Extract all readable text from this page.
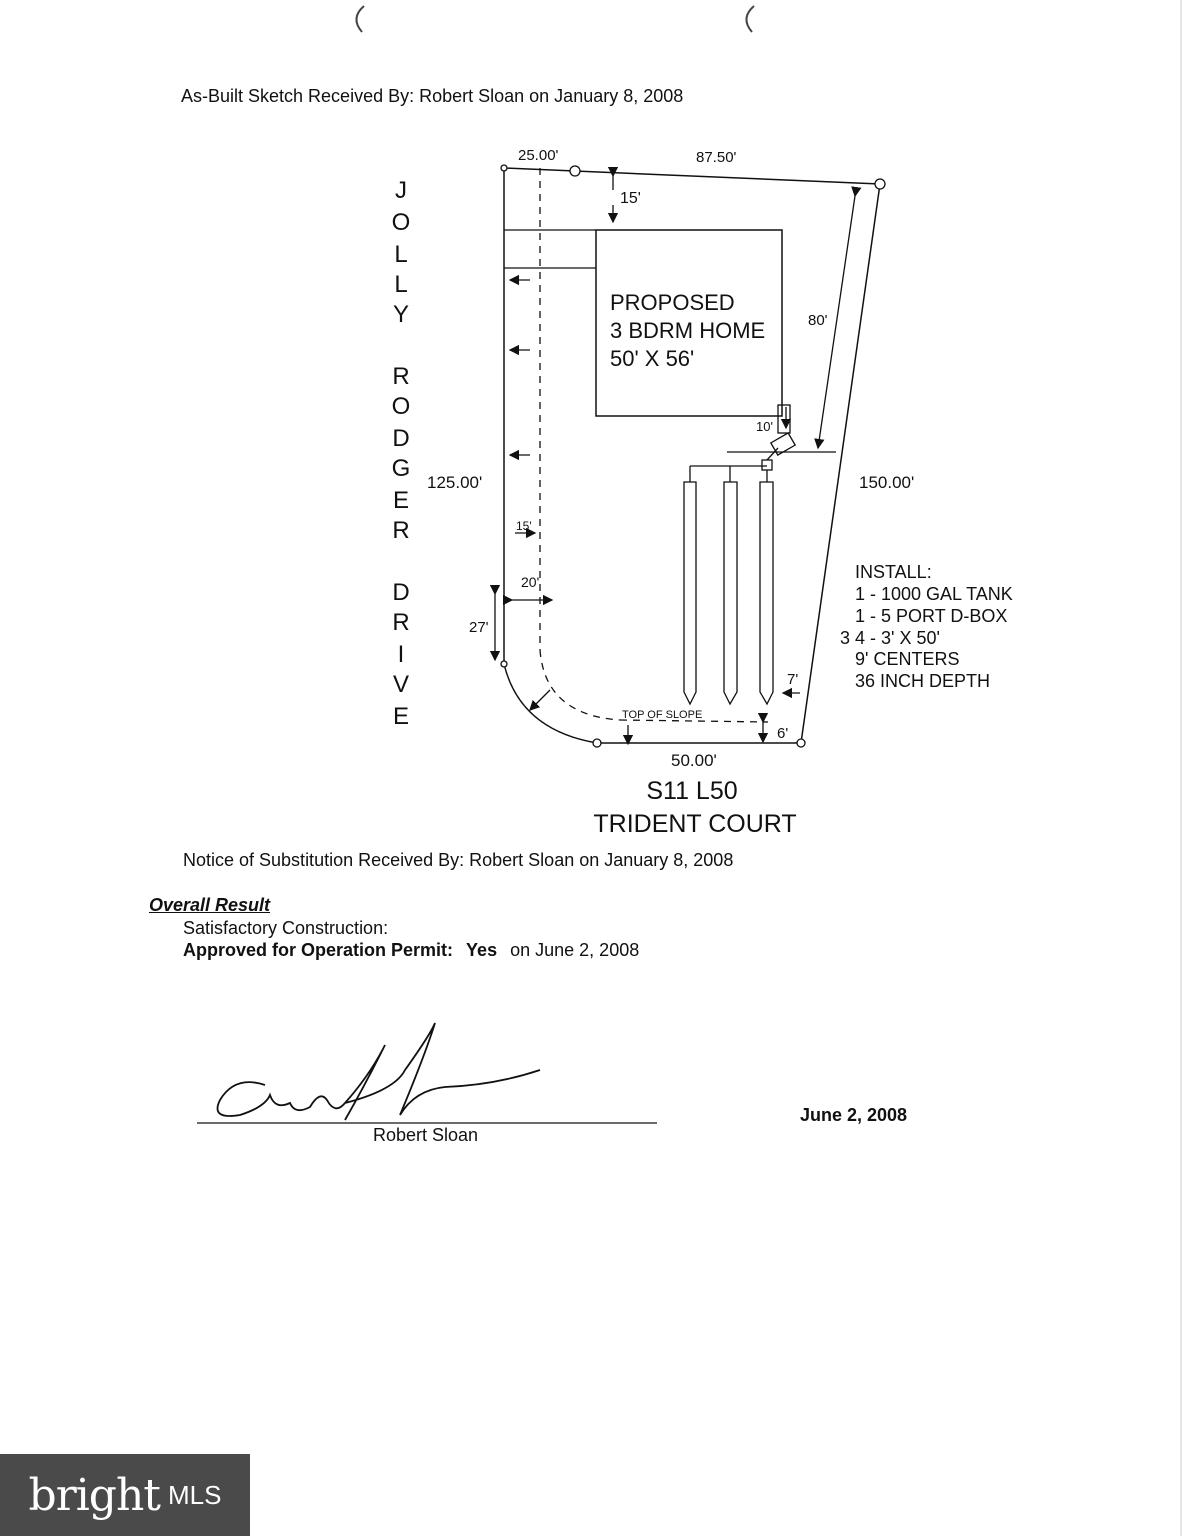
As-Built Sketch Received By: Robert Sloan on January 8, 2008
J
O
L
L
Y
R
O
D
G
E
R
D
R
I
V
E
25.00'	87.50'
15'
80'
10'
125.00'	150.00'
15'
20'
27'
7'
6'
50.00'
TOP OF SLOPE
PROPOSED
3 BDRM HOME
50' X 56'
INSTALL:
1 - 1000 GAL TANK
1 - 5 PORT D-BOX
3 4 - 3' X 50'
9' CENTERS
36 INCH DEPTH
S11 L50
TRIDENT COURT
Notice of Substitution Received By: Robert Sloan on January 8, 2008
Overall Result
Satisfactory Construction:
Approved for Operation Permit: Yes on June 2, 2008
Robert Sloan
June 2, 2008
bright MLS
